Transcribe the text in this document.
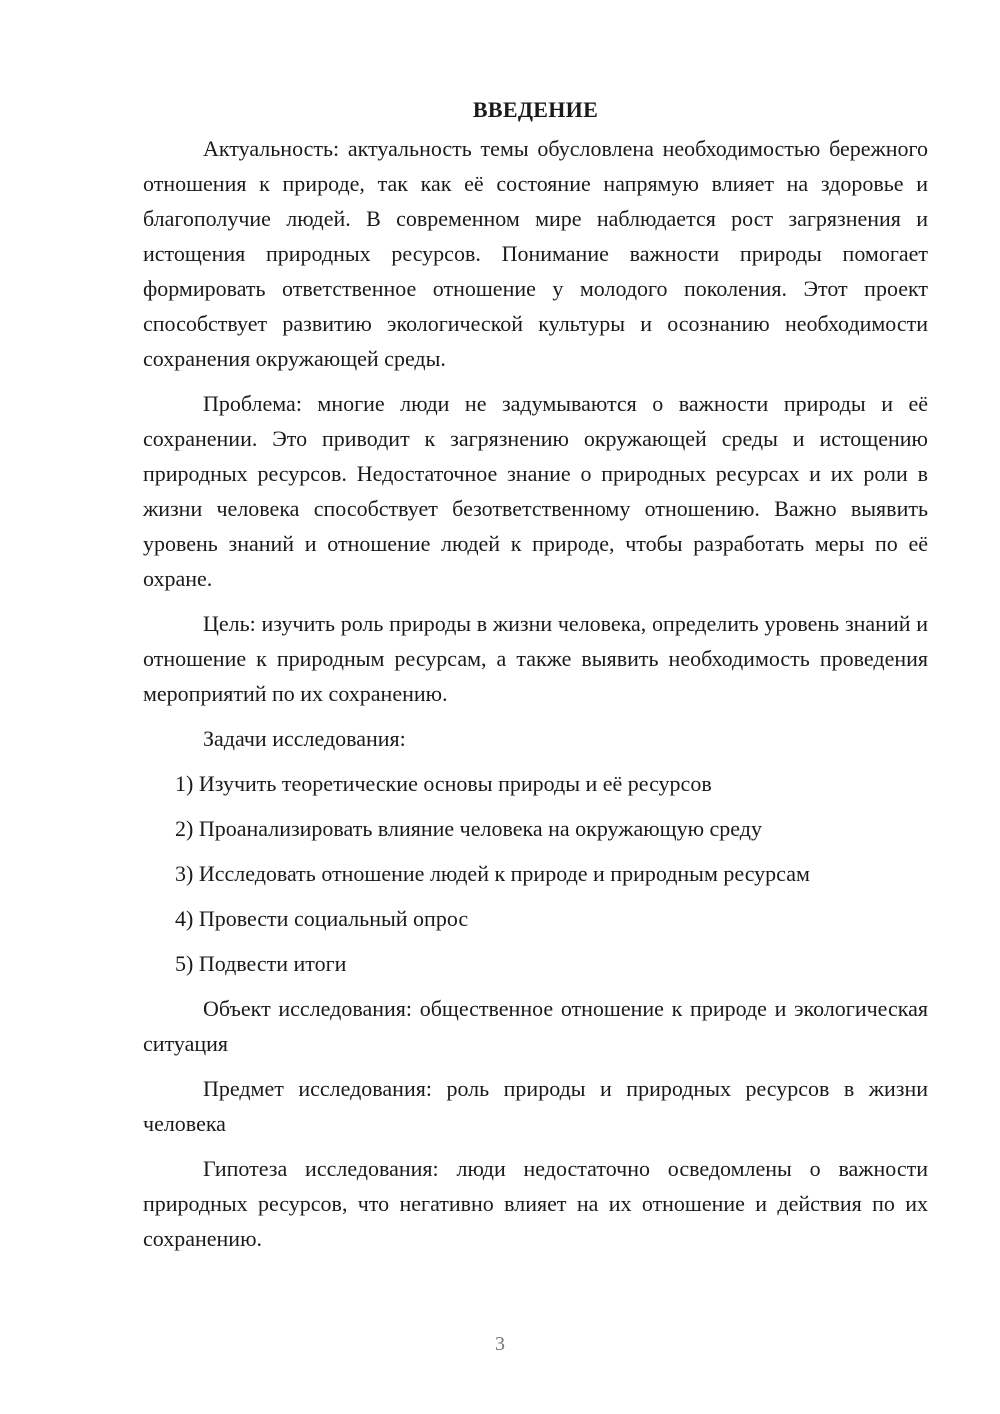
ВВЕДЕНИЕ

Актуальность: актуальность темы обусловлена необходимостью бережного отношения к природе, так как её состояние напрямую влияет на здоровье и благополучие людей. В современном мире наблюдается рост загрязнения и истощения природных ресурсов. Понимание важности природы помогает формировать ответственное отношение у молодого поколения. Этот проект способствует развитию экологической культуры и осознанию необходимости сохранения окружающей среды.

Проблема: многие люди не задумываются о важности природы и её сохранении. Это приводит к загрязнению окружающей среды и истощению природных ресурсов. Недостаточное знание о природных ресурсах и их роли в жизни человека способствует безответственному отношению. Важно выявить уровень знаний и отношение людей к природе, чтобы разработать меры по её охране.

Цель: изучить роль природы в жизни человека, определить уровень знаний и отношение к природным ресурсам, а также выявить необходимость проведения мероприятий по их сохранению.

Задачи исследования:

1) Изучить теоретические основы природы и её ресурсов
2) Проанализировать влияние человека на окружающую среду
3) Исследовать отношение людей к природе и природным ресурсам
4) Провести социальный опрос
5) Подвести итоги

Объект исследования: общественное отношение к природе и экологическая ситуация

Предмет исследования: роль природы и природных ресурсов в жизни человека

Гипотеза исследования: люди недостаточно осведомлены о важности природных ресурсов, что негативно влияет на их отношение и действия по их сохранению.

3
